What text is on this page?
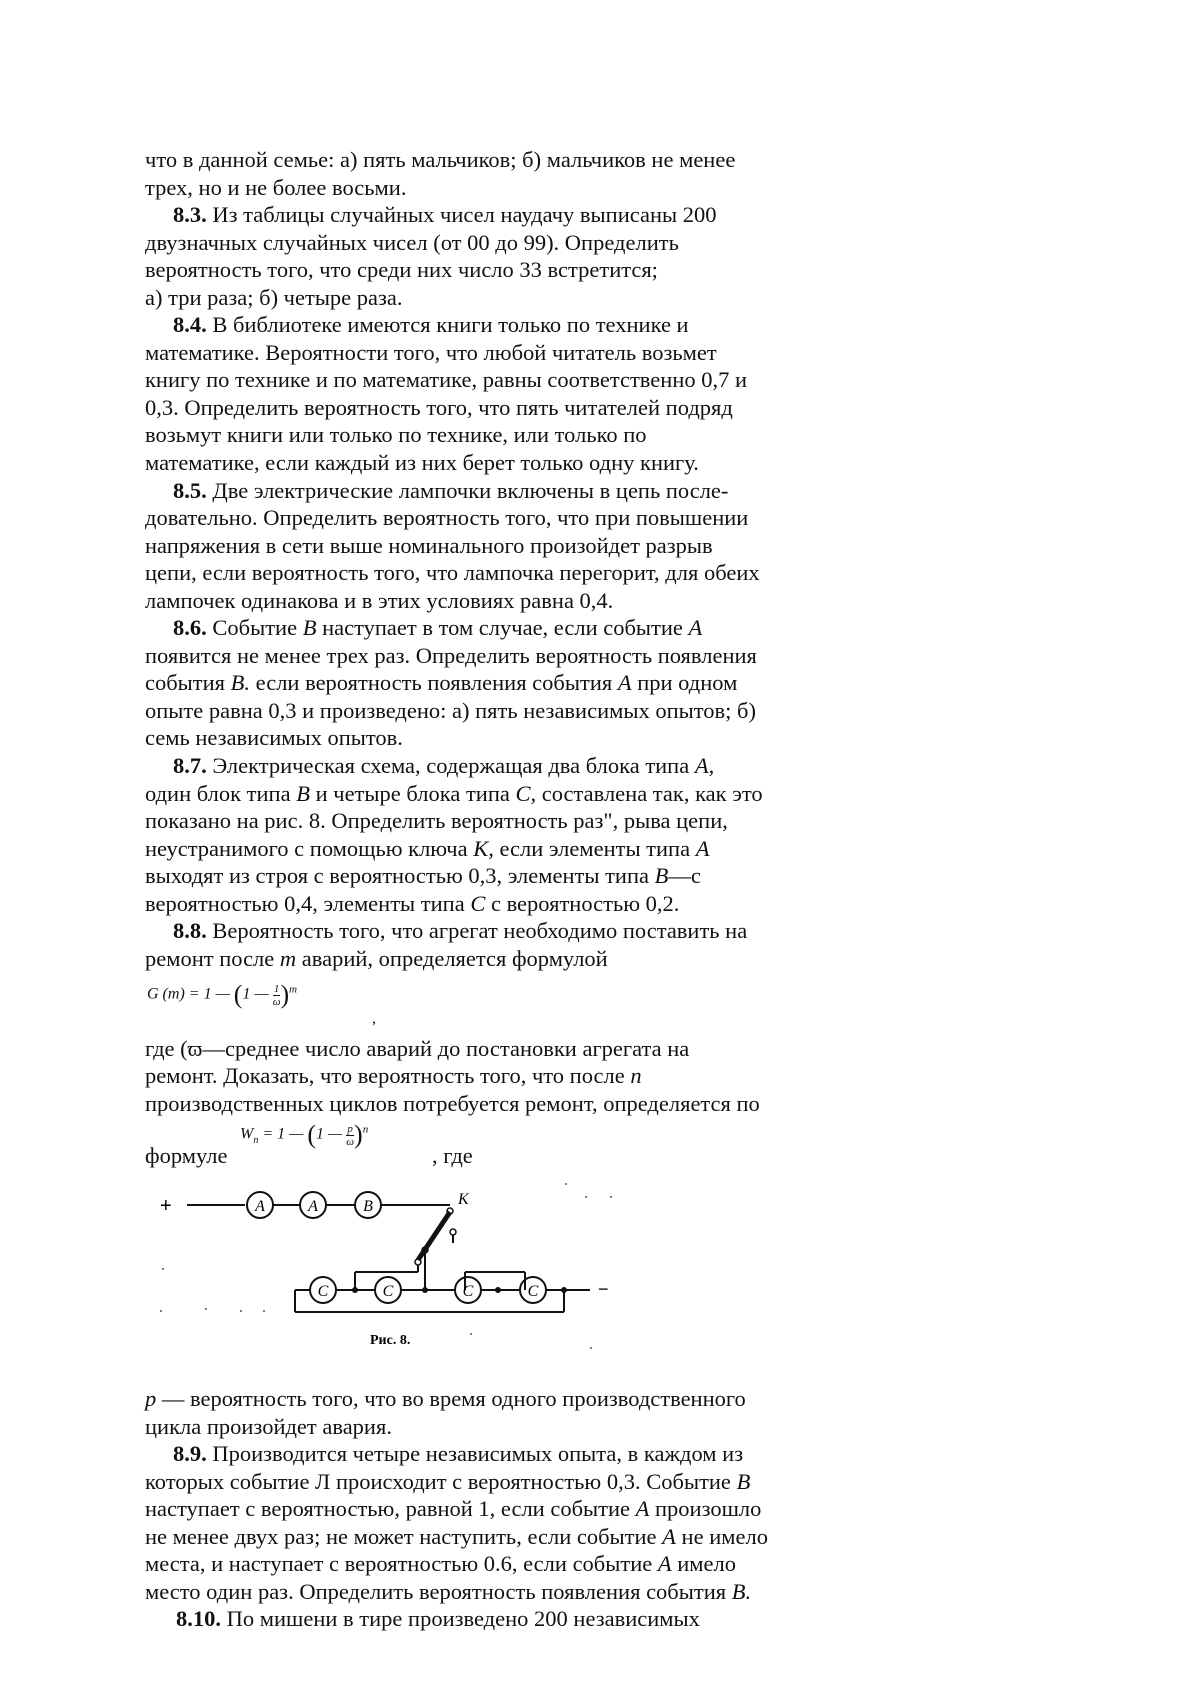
что в данной семье: а) пять мальчиков; б) мальчиков не менее

трех, но и не более восьми.

8.3. Из таблицы случайных чисел наудачу выписаны 200

двузначных случайных чисел (от 00 до 99). Определить

вероятность того, что среди них число 33 встретится;

а) три раза; б) четыре раза.

8.4. В библиотеке имеются книги только по технике и

математике. Вероятности того, что любой читатель возьмет

книгу по технике и по математике, равны соответственно 0,7 и

0,3. Определить вероятность того, что пять читателей подряд

возьмут книги или только по технике, или только по

математике, если каждый из них берет только одну книгу.

8.5. Две электрические лампочки включены в цепь после-

довательно. Определить вероятность того, что при повышении

напряжения в сети выше номинального произойдет разрыв

цепи, если вероятность того, что лампочка перегорит, для обеих

лампочек одинакова и в этих условиях равна 0,4.

8.6. Событие B наступает в том случае, если событие A

появится не менее трех раз. Определить вероятность появления

события B. если вероятность появления события A при одном

опыте равна 0,3 и произведено: а) пять независимых опытов; б)

семь независимых опытов.

8.7. Электрическая схема, содержащая два блока типа A,

один блок типа B и четыре блока типа C, составлена так, как это

показано на рис. 8. Определить вероятность раз", рыва цепи,

неустранимого с помощью ключа K, если элементы типа A

выходят из строя с вероятностью 0,3, элементы типа B—с

вероятностью 0,4, элементы типа C с вероятностью 0,2.

8.8. Вероятность того, что агрегат необходимо поставить на

ремонт после т аварий, определяется формулой

G (m) = 1 — (1 — $\frac{1}{\omega} )^m$
,

где (ϖ—среднее число аварий до постановки агрегата на

ремонт. Доказать, что вероятность того, что после n

производственных циклов потребуется ремонт, определяется по

формуле

$W_n = 1$ — (1 — $\frac{p}{\omega} )^n$

, где

+	A	A	B	K
C	C	C	C	−
Рис. 8.

p — вероятность того, что во время одного производственного

цикла произойдет авария.

8.9. Производится четыре независимых опыта, в каждом из

которых событие Л происходит с вероятностью 0,3. Событие B

наступает с вероятностью, равной 1, если событие A произошло

не менее двух раз; не может наступить, если событие A не имело

места, и наступает с вероятностью 0.6, если событие A имело

место один раз. Определить вероятность появления события B.

8.10. По мишени в тире произведено 200 независимых
